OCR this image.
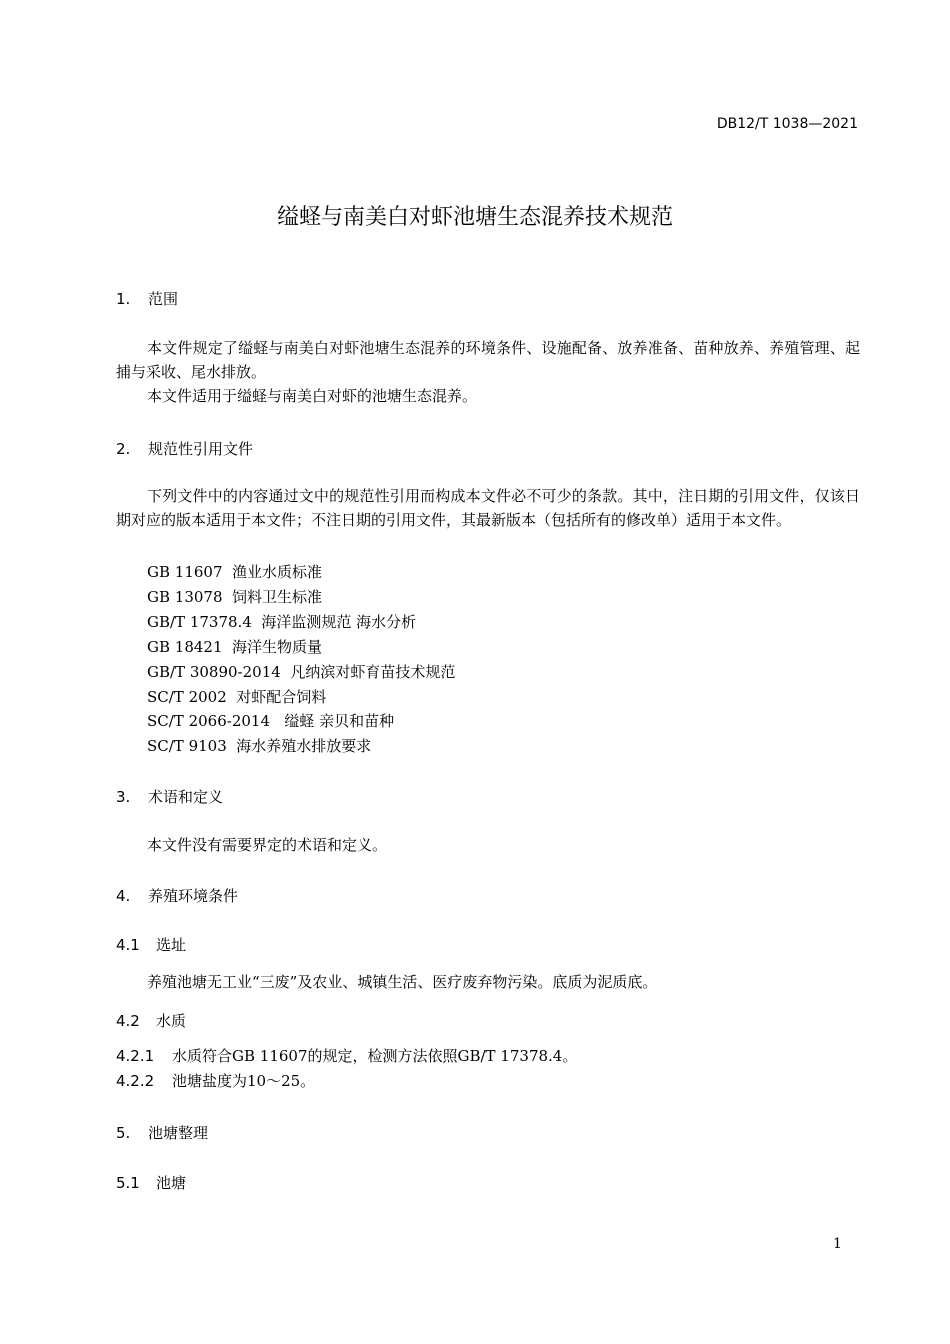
DB12/T 1038—2021
缢蛏与南美白对虾池塘生态混养技术规范
1. 范围
本文件规定了缢蛏与南美白对虾池塘生态混养的环境条件、设施配备、放养准备、苗种放养、养殖管理、起捕与采收、尾水排放。
本文件适用于缢蛏与南美白对虾的池塘生态混养。
2. 规范性引用文件
下列文件中的内容通过文中的规范性引用而构成本文件必不可少的条款。其中，注日期的引用文件，仅该日期对应的版本适用于本文件；不注日期的引用文件，其最新版本（包括所有的修改单）适用于本文件。
GB 11607  渔业水质标准
GB 13078  饲料卫生标准
GB/T 17378.4  海洋监测规范 海水分析
GB 18421  海洋生物质量
GB/T 30890-2014  凡纳滨对虾育苗技术规范
SC/T 2002  对虾配合饲料
SC/T 2066-2014   缢蛏 亲贝和苗种
SC/T 9103  海水养殖水排放要求
3. 术语和定义
本文件没有需要界定的术语和定义。
4. 养殖环境条件
4.1 选址
养殖池塘无工业“三废”及农业、城镇生活、医疗废弃物污染。底质为泥质底。
4.2 水质
4.2.1 水质符合GB 11607的规定，检测方法依照GB/T 17378.4。
4.2.2 池塘盐度为10～25。
5. 池塘整理
5.1 池塘
1
